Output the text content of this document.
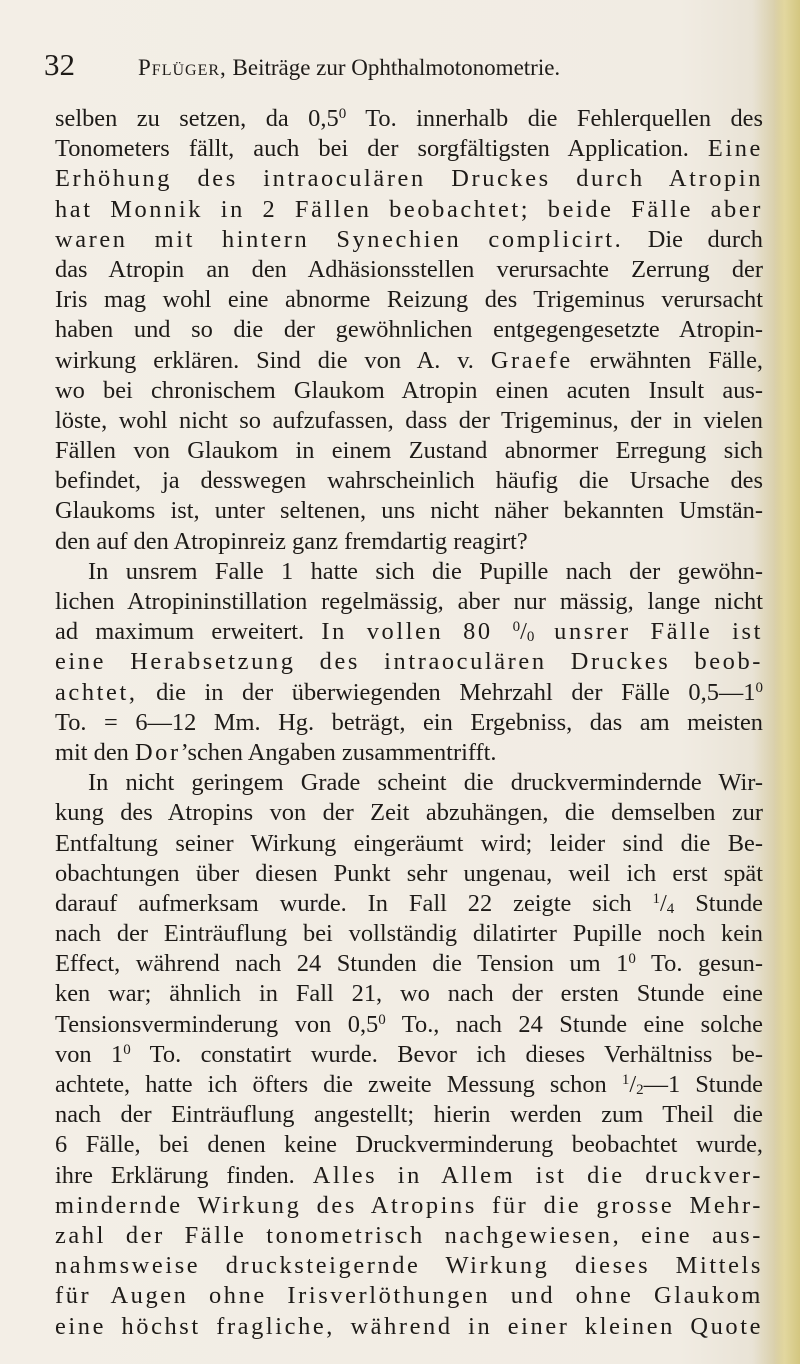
32	Pflüger, Beiträge zur Ophthalmotonometrie.
selben zu setzen, da $0,5^0$ To. innerhalb die Fehlerquellen des
Tonometers fällt, auch bei der sorgfältigsten Application. Eine
Erhöhung des intraoculären Druckes durch Atropin
hat Monnik in 2 Fällen beobachtet; beide Fälle aber
waren mit hintern Synechien complicirt. Die durch
das Atropin an den Adhäsionsstellen verursachte Zerrung der
Iris mag wohl eine abnorme Reizung des Trigeminus verursacht
haben und so die der gewöhnlichen entgegengesetzte Atropin-
wirkung erklären. Sind die von A. v. Graefe erwähnten Fälle,
wo bei chronischem Glaukom Atropin einen acuten Insult aus-
löste, wohl nicht so aufzufassen, dass der Trigeminus, der in vielen
Fällen von Glaukom in einem Zustand abnormer Erregung sich
befindet, ja desswegen wahrscheinlich häufig die Ursache des
Glaukoms ist, unter seltenen, uns nicht näher bekannten Umstän-
den auf den Atropinreiz ganz fremdartig reagirt?
In unsrem Falle 1 hatte sich die Pupille nach der gewöhn-
lichen Atropininstillation regelmässig, aber nur mässig, lange nicht
ad maximum erweitert. In vollen 80 $^0/_0$ unsrer Fälle ist
eine Herabsetzung des intraoculären Druckes beob-
achtet, die in der überwiegenden Mehrzahl der Fälle $0,5—1^0$
To. = 6—12 Mm. Hg. beträgt, ein Ergebniss, das am meisten
mit den Dor’schen Angaben zusammentrifft.
In nicht geringem Grade scheint die druckvermindernde Wir-
kung des Atropins von der Zeit abzuhängen, die demselben zur
Entfaltung seiner Wirkung eingeräumt wird; leider sind die Be-
obachtungen über diesen Punkt sehr ungenau, weil ich erst spät
darauf aufmerksam wurde. In Fall 22 zeigte sich $^1/_4$ Stunde
nach der Einträuflung bei vollständig dilatirter Pupille noch kein
Effect, während nach 24 Stunden die Tension um $1^0$ To. gesun-
ken war; ähnlich in Fall 21, wo nach der ersten Stunde eine
Tensionsverminderung von $0,5^0$ To., nach 24 Stunde eine solche
von $1^0$ To. constatirt wurde. Bevor ich dieses Verhältniss be-
achtete, hatte ich öfters die zweite Messung schon $^1/_2—1$ Stunde
nach der Einträuflung angestellt; hierin werden zum Theil die
6 Fälle, bei denen keine Druckverminderung beobachtet wurde,
ihre Erklärung finden. Alles in Allem ist die druckver-
mindernde Wirkung des Atropins für die grosse Mehr-
zahl der Fälle tonometrisch nachgewiesen, eine aus-
nahmsweise drucksteigernde Wirkung dieses Mittels
für Augen ohne Irisverlöthungen und ohne Glaukom
eine höchst fragliche, während in einer kleinen Quote
